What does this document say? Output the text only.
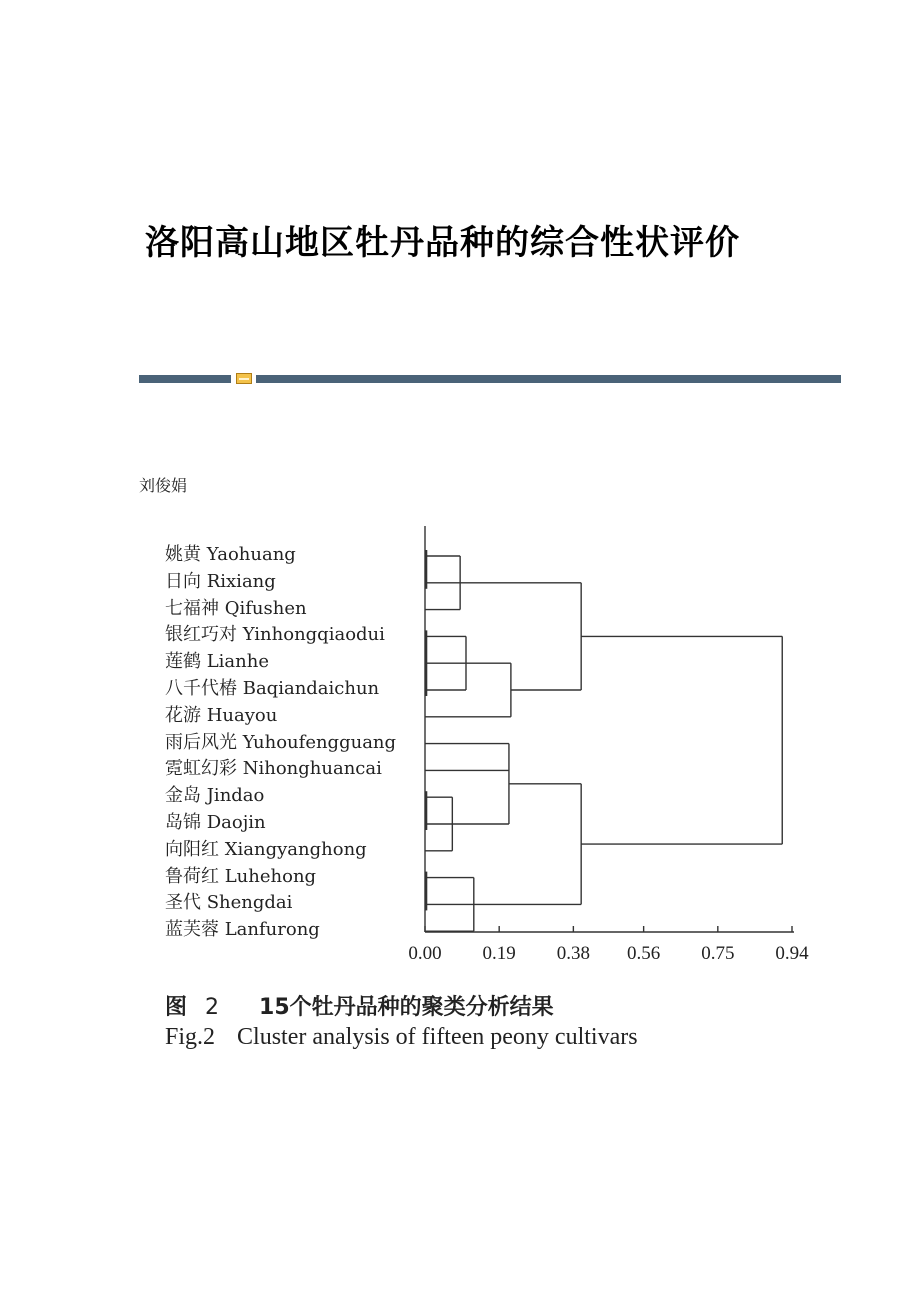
洛阳高山地区牡丹品种的综合性状评价
刘俊娟
姚黄 Yaohuang
日向 Rixiang
七福神 Qifushen
银红巧对 Yinhongqiaodui
莲鹤 Lianhe
八千代椿 Baqiandaichun
花游 Huayou
雨后风光 Yuhoufengguang
霓虹幻彩 Nihonghuancai
金岛 Jindao
岛锦 Daojin
向阳红 Xiangyanghong
鲁荷红 Luhehong
圣代 Shengdai
蓝芙蓉 Lanfurong
0.00 0.19 0.38 0.56 0.75 0.94
图 2 15个牡丹品种的聚类分析结果
Fig.2 Cluster analysis of fifteen peony cultivars
